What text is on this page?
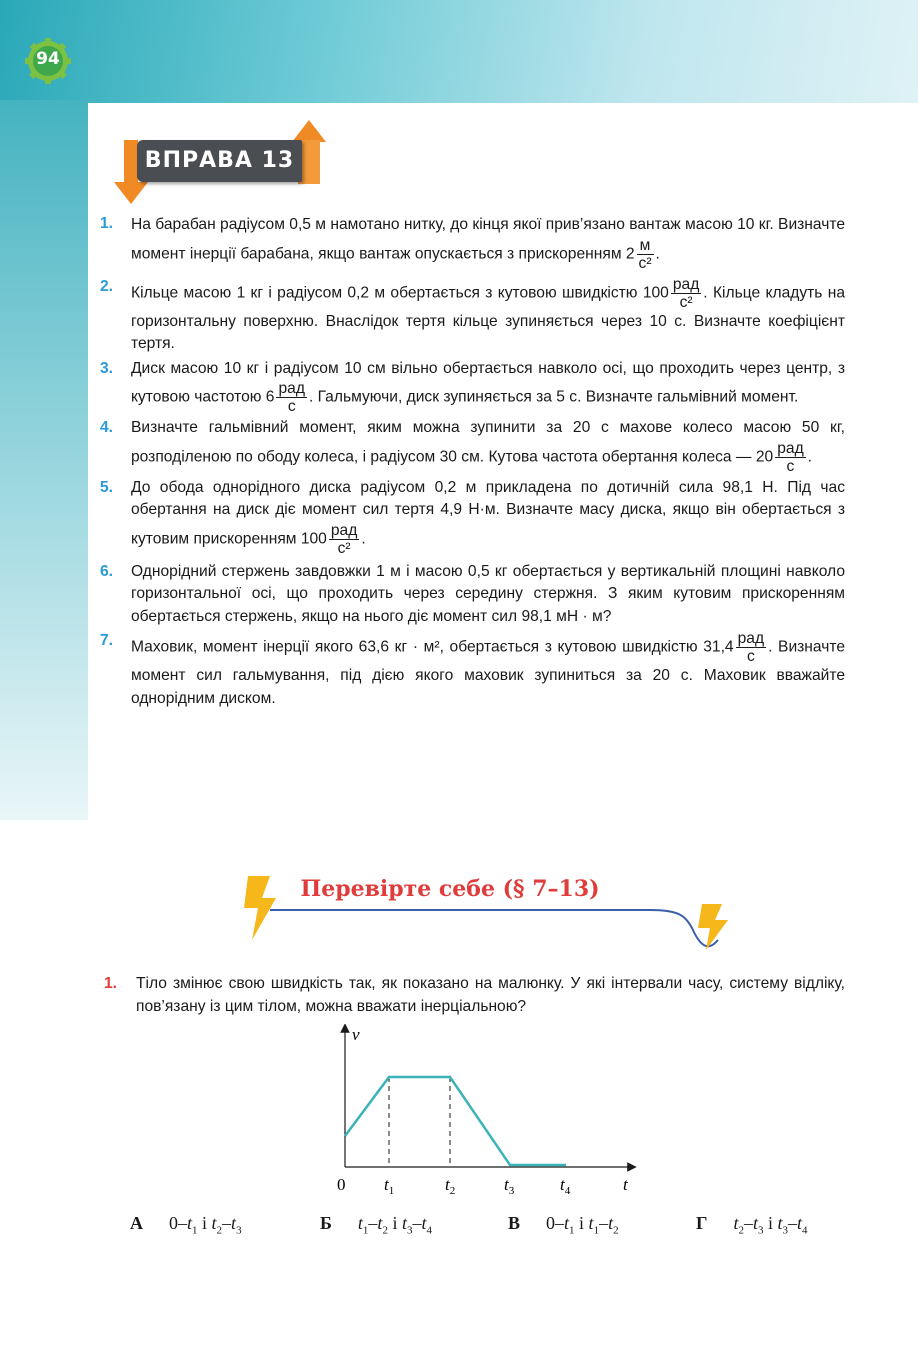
94
ВПРАВА 13
1. На барабан радіусом 0,5 м намотано нитку, до кінця якої прив’язано вантаж масою 10 кг. Визначте момент інерції барабана, якщо вантаж опускається з прискоренням $2 \frac{м}{\text{с²}}$ .
2. Кільце масою 1 кг і радіусом 0,2 м обертається з кутовою швидкістю $100 \frac{\text{рад}}{\text{с²}}$ . Кільце кладуть на горизонтальну поверхню. Внаслідок тертя кільце зупиняється через 10 с. Визначте коефіцієнт тертя.
3. Диск масою 10 кг і радіусом 10 см вільно обертається навколо осі, що проходить через центр, з кутовою частотою $6 \frac{\text{рад}}{с}$ . Гальмуючи, диск зупиняється за 5 с. Визначте гальмівний момент.
4. Визначте гальмівний момент, яким можна зупинити за 20 с махове колесо масою 50 кг, розподіленою по ободу колеса, і радіусом 30 см. Кутова частота обертання колеса — $20 \frac{\text{рад}}{с}$ .
5. До обода однорідного диска радіусом 0,2 м прикладена по дотичній сила 98,1 Н. Під час обертання на диск діє момент сил тертя 4,9 Н·м. Визначте масу диска, якщо він обертається з кутовим прискоренням $100 \frac{\text{рад}}{\text{с²}}$ .
6. Однорідний стержень завдовжки 1 м і масою 0,5 кг обертається у вертикальній площині навколо горизонтальної осі, що проходить через середину стержня. З яким кутовим прискоренням обертається стержень, якщо на нього діє момент сил 98,1 мН · м?
7. Маховик, момент інерції якого 63,6 кг · м², обертається з кутовою швидкістю $31,4 \frac{\text{рад}}{с}$ . Визначте момент сил гальмування, під дією якого маховик зупиниться за 20 с. Маховик вважайте однорідним диском.
Перевірте себе (§ 7–13)
1. Тіло змінює свою швидкість так, як показано на малюнку. У які інтервали часу, систему відліку, пов’язану із цим тілом, можна вважати інерціальною?
v
0 $t_1$	$t_2$	$t_3$	$t_4$	t
А $0-t_1$ і $t_2-t_3$	Б $t_1-t_2$ і $t_3-t_4$	В $0-t_1$ і $t_1-t_2$	Г $t_2-t_3$ і $t_3-t_4$
